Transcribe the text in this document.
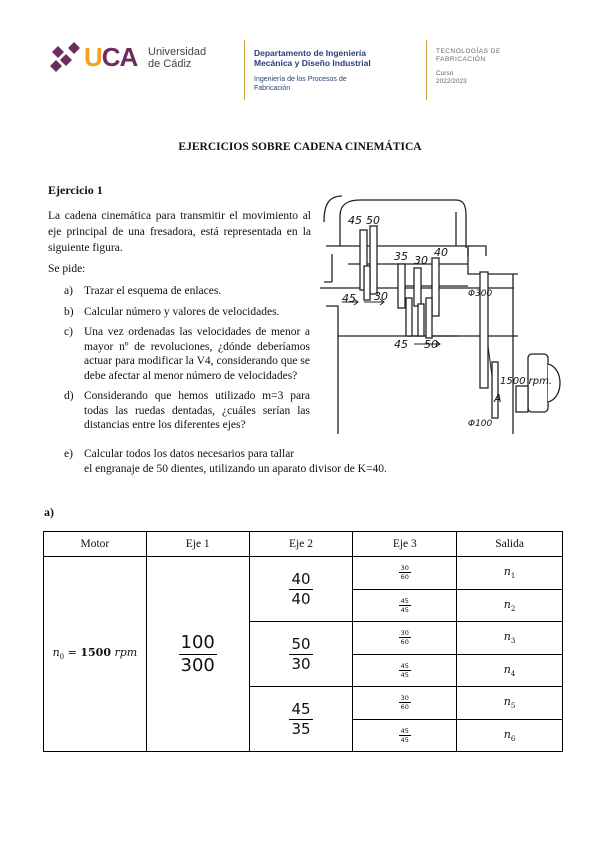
UCA Universidad
de Cádiz
Departamento de Ingeniería
Mecánica y Diseño Industrial
Ingeniería de los Procesos de
Fabricación
TECNOLOGÍAS DE
FABRICACIÓN
Curso
2022/2023
EJERCICIOS SOBRE CADENA CINEMÁTICA
Ejercicio 1
La cadena cinemática para transmitir el movimiento al eje principal de una fresadora, está representada en la siguiente figura.
Se pide:
a) Trazar el esquema de enlaces.
b) Calcular número y valores de velocidades.
c) Una vez ordenadas las velocidades de menor a mayor nº de revoluciones, ¿dónde deberíamos actuar para modificar la V4, considerando que se debe afectar al menor número de velocidades?
d) Considerando que hemos utilizado m=3 para todas las ruedas dentadas, ¿cuáles serían las distancias entre los diferentes ejes?
e) Calcular todos los datos necesarios para tallar
el engranaje de 50 dientes, utilizando un aparato divisor de K=40.
45 50
35 30
40
45 30
45 50
Φ300
1500 rpm.
A
Φ100
a)
Motor	Eje 1	Eje 2	Eje 3	Salida
$n_0 = 1500$ rpm	$\frac{100}{300}$	$\frac{40}{40}$	$\frac{30}{60}$	$n_1$

			$\frac{45}{45}$	$n_2$

		$\frac{50}{30}$	$\frac{30}{60}$	$n_3$

			$\frac{45}{45}$	$n_4$

		$\frac{45}{35}$	$\frac{30}{60}$	$n_5$

			$\frac{45}{45}$	$n_6$
